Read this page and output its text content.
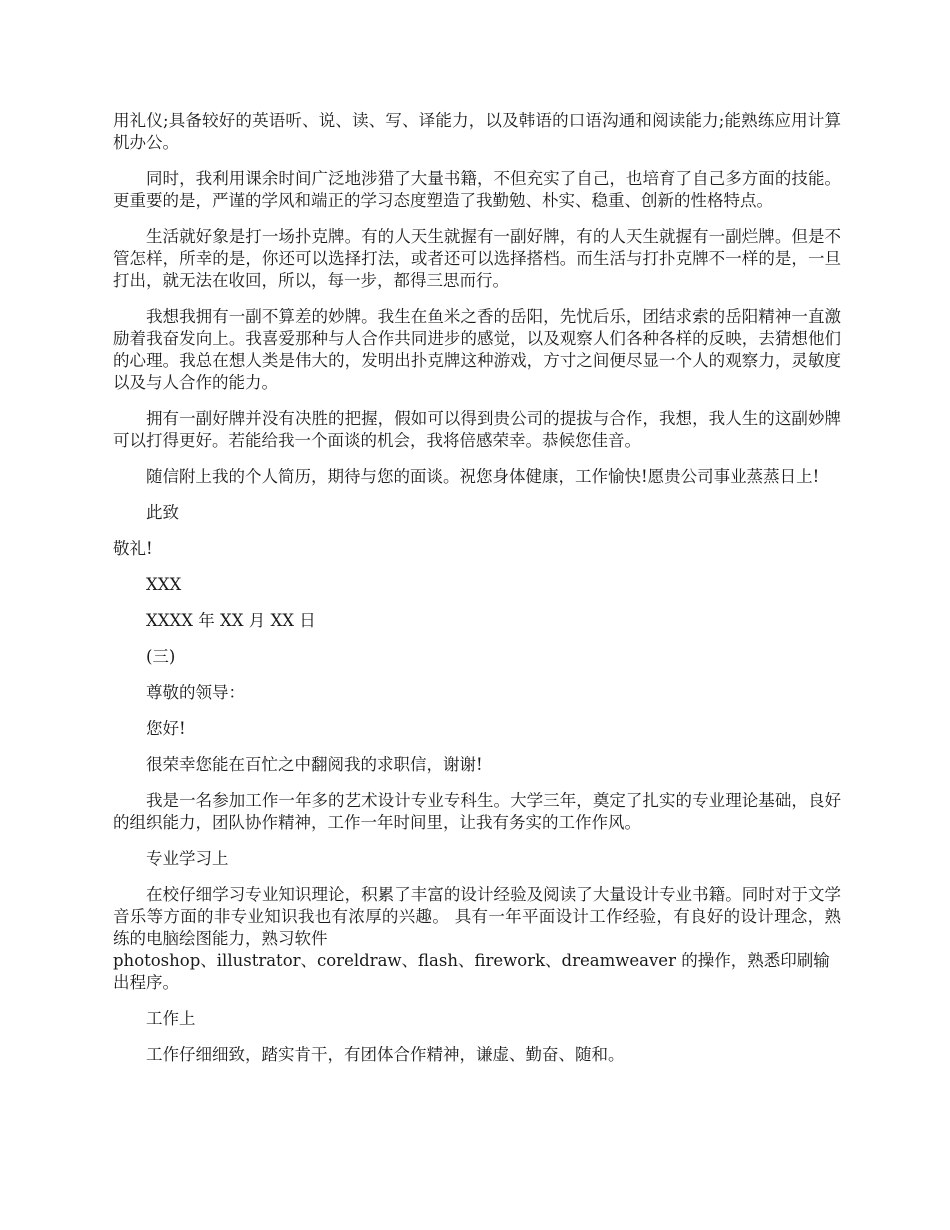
用礼仪;具备较好的英语听、说、读、写、译能力，以及韩语的口语沟通和阅读能力;能熟练应用计算机办公。

同时，我利用课余时间广泛地涉猎了大量书籍，不但充实了自己，也培育了自己多方面的技能。更重要的是，严谨的学风和端正的学习态度塑造了我勤勉、朴实、稳重、创新的性格特点。

生活就好象是打一场扑克牌。有的人天生就握有一副好牌，有的人天生就握有一副烂牌。但是不管怎样，所幸的是，你还可以选择打法，或者还可以选择搭档。而生活与打扑克牌不一样的是，一旦打出，就无法在收回，所以，每一步，都得三思而行。

我想我拥有一副不算差的妙牌。我生在鱼米之香的岳阳，先忧后乐，团结求索的岳阳精神一直激励着我奋发向上。我喜爱那种与人合作共同进步的感觉，以及观察人们各种各样的反映，去猜想他们的心理。我总在想人类是伟大的，发明出扑克牌这种游戏，方寸之间便尽显一个人的观察力，灵敏度以及与人合作的能力。

拥有一副好牌并没有决胜的把握，假如可以得到贵公司的提拔与合作，我想，我人生的这副妙牌可以打得更好。若能给我一个面谈的机会，我将倍感荣幸。恭候您佳音。

随信附上我的个人简历，期待与您的面谈。祝您身体健康，工作愉快!愿贵公司事业蒸蒸日上!

此致

敬礼!

XXX

XXXX 年 XX 月 XX 日

(三)

尊敬的领导：

您好!

很荣幸您能在百忙之中翻阅我的求职信，谢谢!

我是一名参加工作一年多的艺术设计专业专科生。大学三年，奠定了扎实的专业理论基础，良好的组织能力，团队协作精神，工作一年时间里，让我有务实的工作作风。

专业学习上

在校仔细学习专业知识理论，积累了丰富的设计经验及阅读了大量设计专业书籍。同时对于文学音乐等方面的非专业知识我也有浓厚的兴趣。 具有一年平面设计工作经验，有良好的设计理念，熟练的电脑绘图能力，熟习软件

photoshop、illustrator、coreldraw、flash、firework、dreamweaver 的操作，熟悉印刷输出程序。

工作上

工作仔细细致，踏实肯干，有团体合作精神，谦虚、勤奋、随和。
